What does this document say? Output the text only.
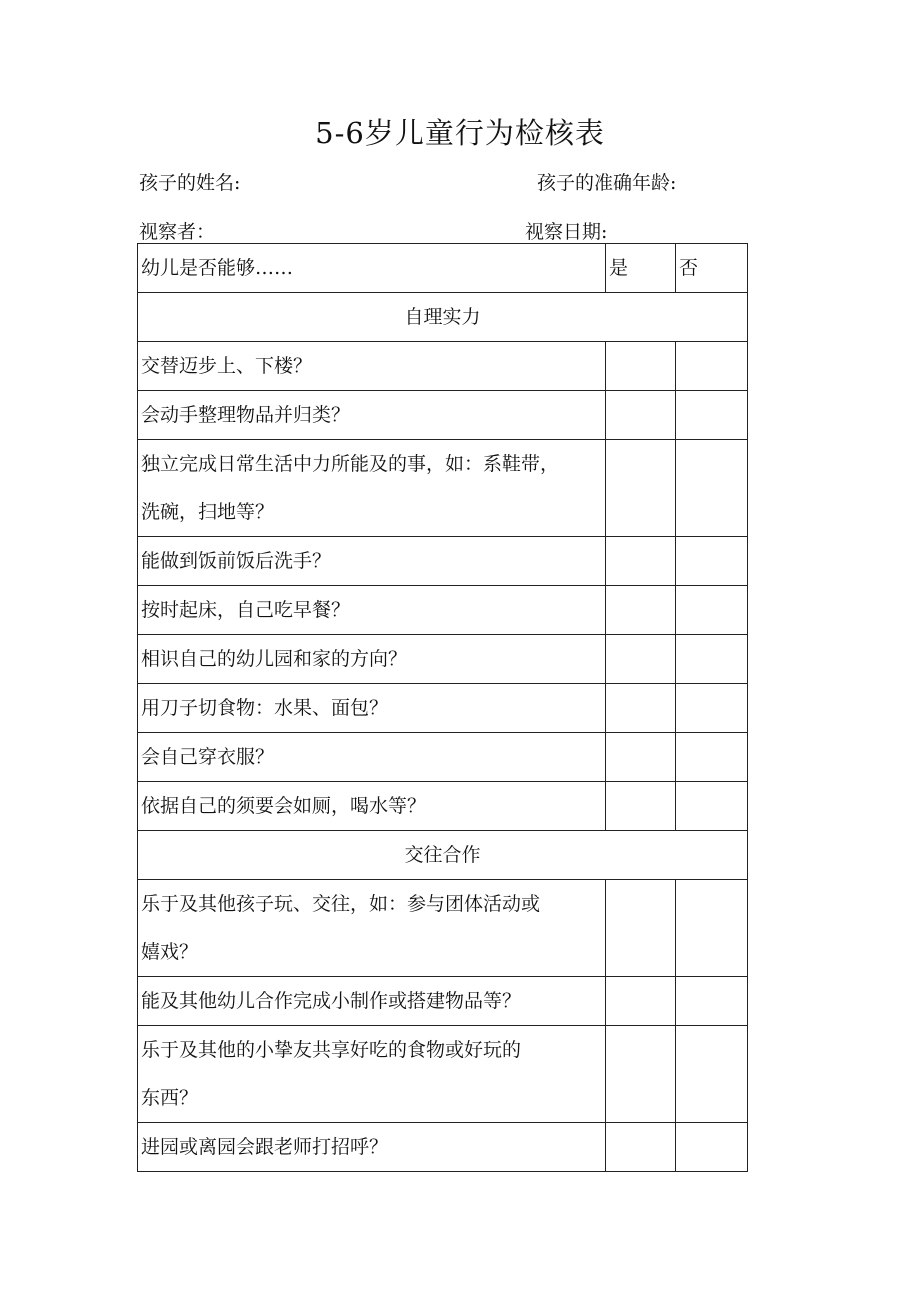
5-6岁儿童行为检核表
孩子的姓名:	孩子的准确年龄:
视察者：	视察日期:
幼儿是否能够……	是	否
自理实力		
交替迈步上、下楼？		
会动手整理物品并归类？		

独立完成日常生活中力所能及的事，如：系鞋带，
洗碗，扫地等？		

能做到饭前饭后洗手？		
按时起床，自己吃早餐？		
相识自己的幼儿园和家的方向？		
用刀子切食物：水果、面包？		
会自己穿衣服？		
依据自己的须要会如厕，喝水等？		
交往合作		

乐于及其他孩子玩、交往，如：参与团体活动或
嬉戏？		

能及其他幼儿合作完成小制作或搭建物品等？		

乐于及其他的小挚友共享好吃的食物或好玩的
东西？		

进园或离园会跟老师打招呼？		
